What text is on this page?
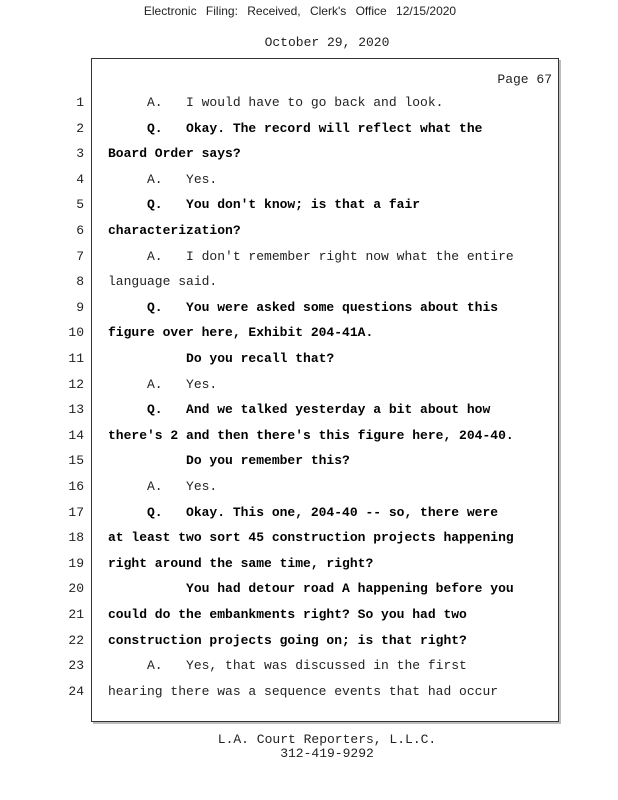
Electronic Filing: Received, Clerk's Office 12/15/2020
October 29, 2020
Page 67
1 A.   I would have to go back and look.
2 Q.   Okay. The record will reflect what the
3 Board Order says?
4 A.   Yes.
5 Q.   You don't know; is that a fair
6 characterization?
7 A.   I don't remember right now what the entire
8 language said.
9 Q.   You were asked some questions about this
10 figure over here, Exhibit 204-41A.
11 Do you recall that?
12 A.   Yes.
13 Q.   And we talked yesterday a bit about how
14 there's 2 and then there's this figure here, 204-40.
15 Do you remember this?
16 A.   Yes.
17 Q.   Okay. This one, 204-40 -- so, there were
18 at least two sort 45 construction projects happening
19 right around the same time, right?
20 You had detour road A happening before you
21 could do the embankments right? So you had two
22 construction projects going on; is that right?
23 A.   Yes, that was discussed in the first
24 hearing there was a sequence events that had occur
L.A. Court Reporters, L.L.C.
312-419-9292
